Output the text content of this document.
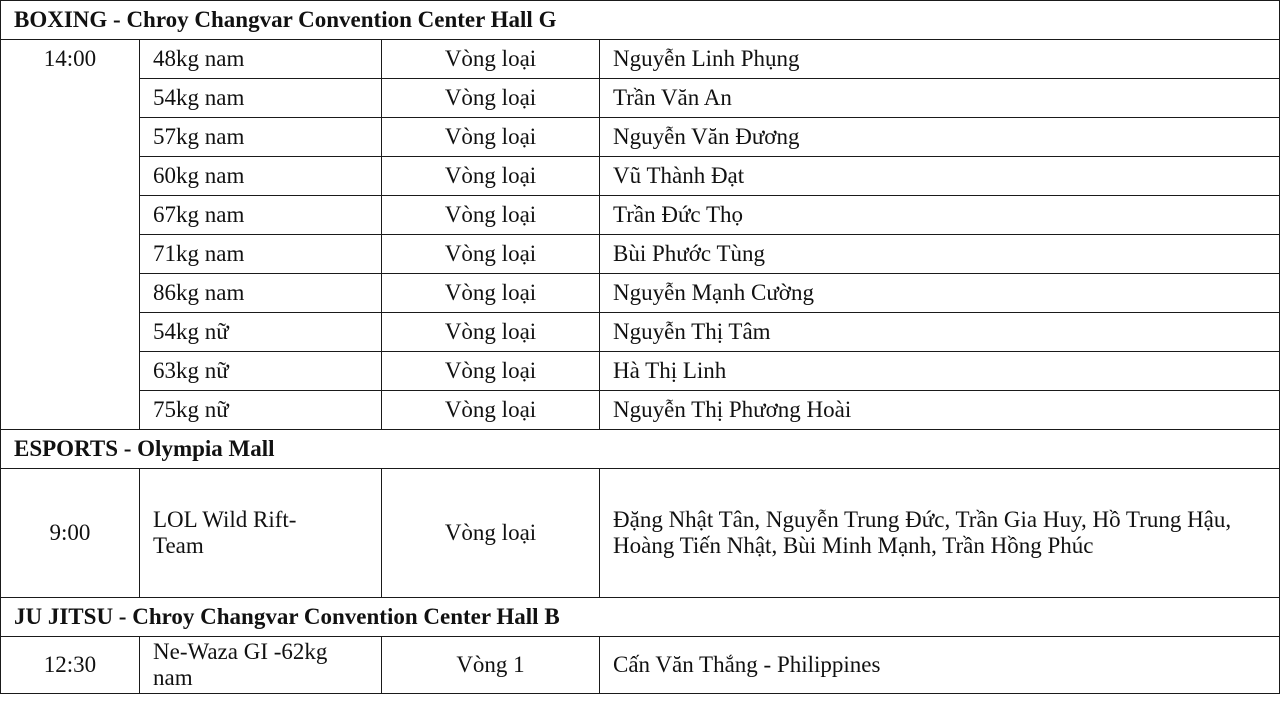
BOXING - Chroy Changvar Convention Center Hall G			
14:00	48kg nam	Vòng loại	Nguyễn Linh Phụng
	54kg nam	Vòng loại	Trần Văn An
	57kg nam	Vòng loại	Nguyễn Văn Đương
	60kg nam	Vòng loại	Vũ Thành Đạt
	67kg nam	Vòng loại	Trần Đức Thọ
	71kg nam	Vòng loại	Bùi Phước Tùng
	86kg nam	Vòng loại	Nguyễn Mạnh Cường
	54kg nữ	Vòng loại	Nguyễn Thị Tâm
	63kg nữ	Vòng loại	Hà Thị Linh
	75kg nữ	Vòng loại	Nguyễn Thị Phương Hoài
ESPORTS - Olympia Mall			
9:00	LOL Wild Rift-Team	Vòng loại	Đặng Nhật Tân, Nguyễn Trung Đức, Trần Gia Huy, Hồ Trung Hậu, Hoàng Tiến Nhật, Bùi Minh Mạnh, Trần Hồng Phúc
JU JITSU - Chroy Changvar Convention Center Hall B			
12:30	Ne-Waza GI -62kg nam	Vòng 1	Cấn Văn Thắng - Philippines
